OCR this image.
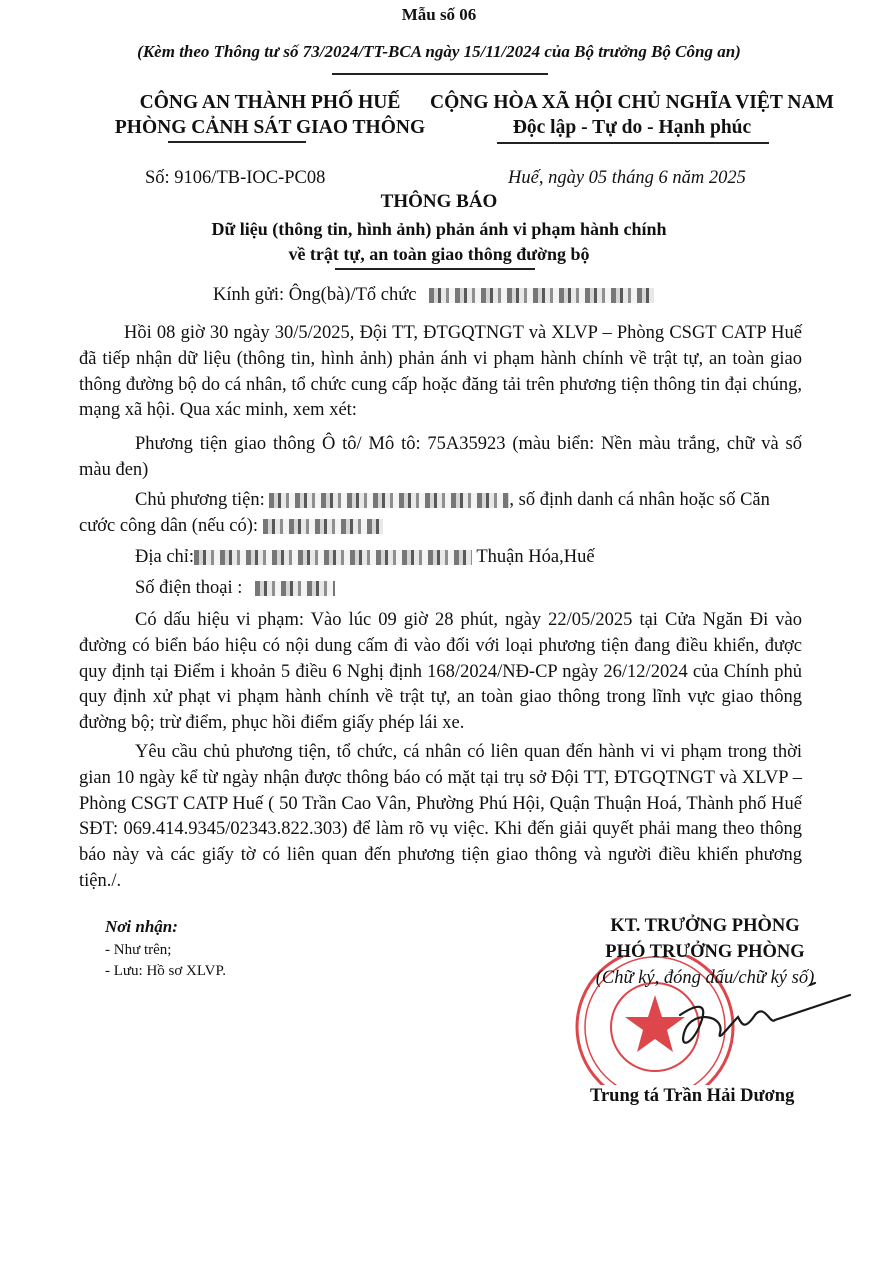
Mẫu số 06
(Kèm theo Thông tư số 73/2024/TT-BCA ngày 15/11/2024 của Bộ trưởng Bộ Công an)
CÔNG AN THÀNH PHỐ HUẾ
PHÒNG CẢNH SÁT GIAO THÔNG
CỘNG HÒA XÃ HỘI CHỦ NGHĨA VIỆT NAM
Độc lập - Tự do - Hạnh phúc
Số: 9106/TB-IOC-PC08	Huế, ngày 05 tháng 6 năm 2025
THÔNG BÁO
Dữ liệu (thông tin, hình ảnh) phản ánh vi phạm hành chính
về trật tự, an toàn giao thông đường bộ
Kính gửi: Ông(bà)/Tổ chức
Hồi 08 giờ 30 ngày 30/5/2025, Đội TT, ĐTGQTNGT và XLVP – Phòng CSGT CATP Huế đã tiếp nhận dữ liệu (thông tin, hình ảnh) phản ánh vi phạm hành chính về trật tự, an toàn giao thông đường bộ do cá nhân, tổ chức cung cấp hoặc đăng tải trên phương tiện thông tin đại chúng, mạng xã hội. Qua xác minh, xem xét:
Phương tiện giao thông Ô tô/ Mô tô: 75A35923 (màu biển: Nền màu trắng, chữ và số màu đen)
Chủ phương tiện:	, số định danh cá nhân hoặc số Căn
cước công dân (nếu có):
Địa chỉ:	Thuận Hóa,Huế
Số điện thoại :
Có dấu hiệu vi phạm: Vào lúc 09 giờ 28 phút, ngày 22/05/2025 tại Cửa Ngăn Đi vào đường có biển báo hiệu có nội dung cấm đi vào đối với loại phương tiện đang điều khiển, được quy định tại Điểm i khoản 5 điều 6 Nghị định 168/2024/NĐ-CP ngày 26/12/2024 của Chính phủ quy định xử phạt vi phạm hành chính về trật tự, an toàn giao thông trong lĩnh vực giao thông đường bộ; trừ điểm, phục hồi điểm giấy phép lái xe.
Yêu cầu chủ phương tiện, tổ chức, cá nhân có liên quan đến hành vi vi phạm trong thời gian 10 ngày kể từ ngày nhận được thông báo có mặt tại trụ sở Đội TT, ĐTGQTNGT và XLVP – Phòng CSGT CATP Huế ( 50 Trần Cao Vân, Phường Phú Hội, Quận Thuận Hoá, Thành phố Huế SĐT: 069.414.9345/02343.822.303) để làm rõ vụ việc. Khi đến giải quyết phải mang theo thông báo này và các giấy tờ có liên quan đến phương tiện giao thông và người điều khiển phương tiện./.
Nơi nhận:
- Như trên;
- Lưu: Hồ sơ XLVP.
KT. TRƯỞNG PHÒNG
PHÓ TRƯỞNG PHÒNG
(Chữ ký, đóng dấu/chữ ký số)
Trung tá Trần Hải Dương
